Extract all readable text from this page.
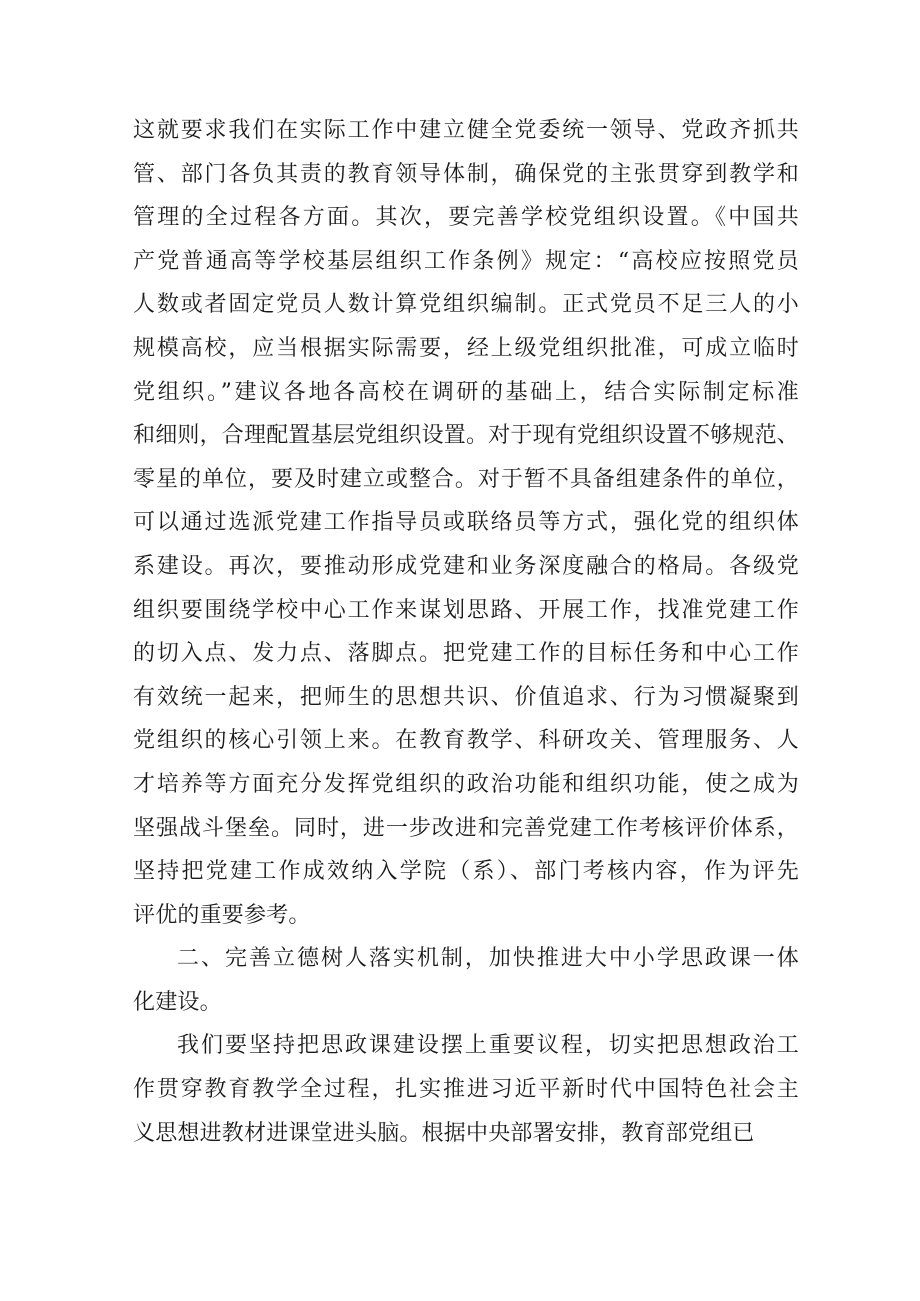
这就要求我们在实际工作中建立健全党委统一领导、党政齐抓共
管、部门各负其责的教育领导体制，确保党的主张贯穿到教学和
管理的全过程各方面。其次，要完善学校党组织设置。《中国共
产党普通高等学校基层组织工作条例》规定：“高校应按照党员
人数或者固定党员人数计算党组织编制。正式党员不足三人的小
规模高校，应当根据实际需要，经上级党组织批准，可成立临时
党组织。”建议各地各高校在调研的基础上，结合实际制定标准
和细则，合理配置基层党组织设置。对于现有党组织设置不够规范、
零星的单位，要及时建立或整合。对于暂不具备组建条件的单位，
可以通过选派党建工作指导员或联络员等方式，强化党的组织体
系建设。再次，要推动形成党建和业务深度融合的格局。各级党
组织要围绕学校中心工作来谋划思路、开展工作，找准党建工作
的切入点、发力点、落脚点。把党建工作的目标任务和中心工作
有效统一起来，把师生的思想共识、价值追求、行为习惯凝聚到
党组织的核心引领上来。在教育教学、科研攻关、管理服务、人
才培养等方面充分发挥党组织的政治功能和组织功能，使之成为
坚强战斗堡垒。同时，进一步改进和完善党建工作考核评价体系，
坚持把党建工作成效纳入学院（系）、部门考核内容，作为评先
评优的重要参考。
二、完善立德树人落实机制，加快推进大中小学思政课一体
化建设。
我们要坚持把思政课建设摆上重要议程，切实把思想政治工
作贯穿教育教学全过程，扎实推进习近平新时代中国特色社会主
义思想进教材进课堂进头脑。根据中央部署安排，教育部党组已
